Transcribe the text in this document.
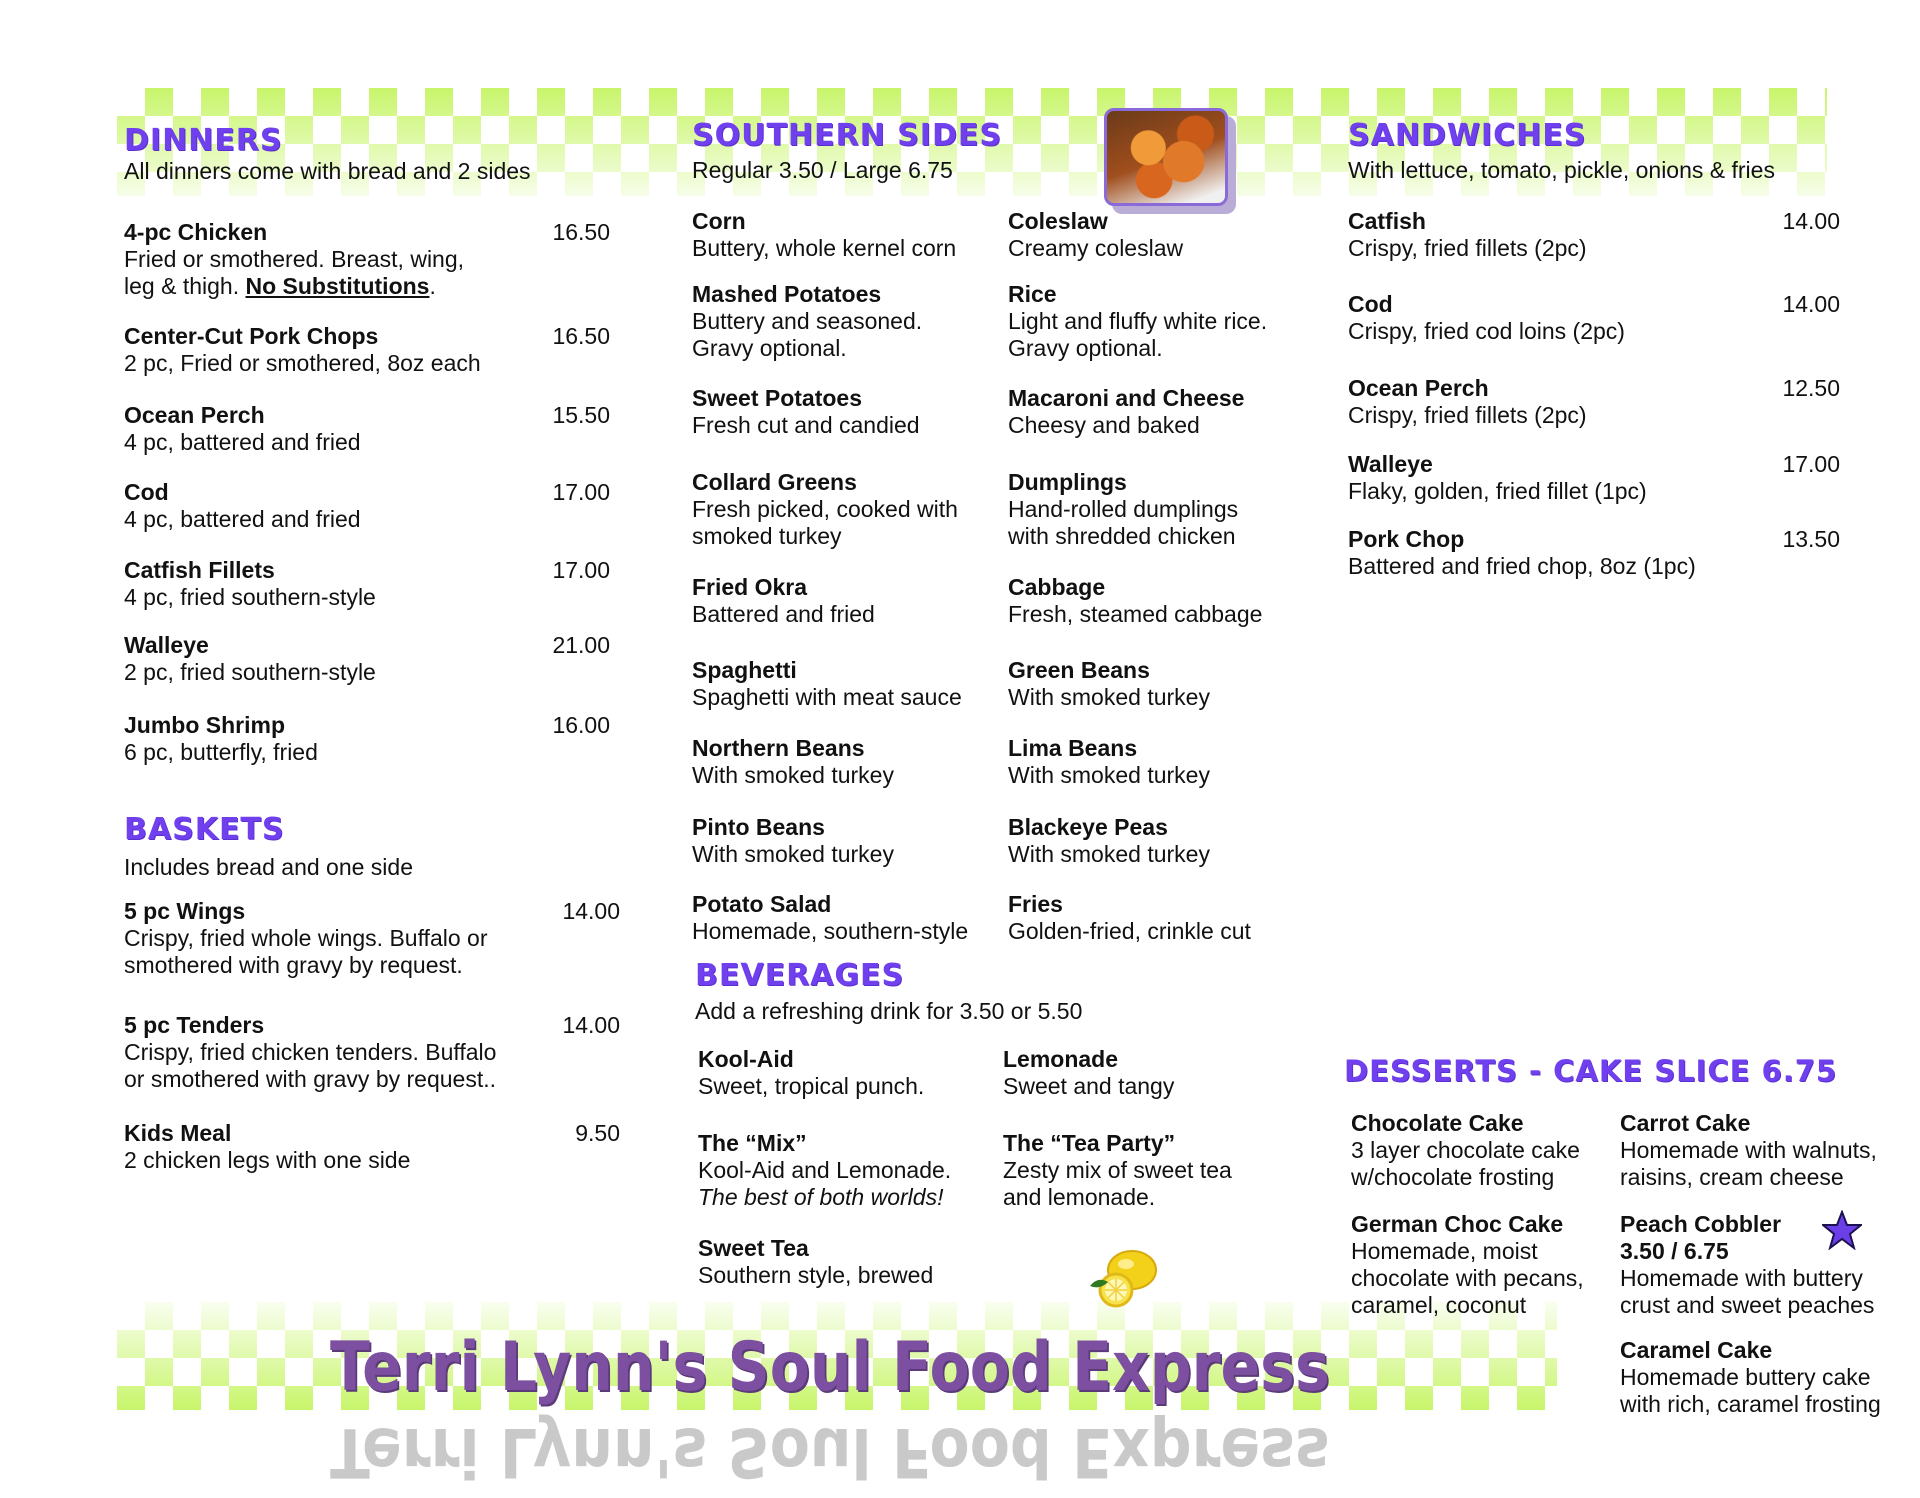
DINNERS
All dinners come with bread and 2 sides
4-pc Chicken
Fried or smothered. Breast, wing,
leg & thigh. No Substitutions.
16.50
Center-Cut Pork Chops
2 pc, Fried or smothered, 8oz each
16.50
Ocean Perch
4 pc, battered and fried
15.50
Cod
4 pc, battered and fried
17.00
Catfish Fillets
4 pc, fried southern-style
17.00
Walleye
2 pc, fried southern-style
21.00
Jumbo Shrimp
6 pc, butterfly, fried
16.00
BASKETS
Includes bread and one side
5 pc Wings
Crispy, fried whole wings. Buffalo or
smothered with gravy by request.
14.00
5 pc Tenders
Crispy, fried chicken tenders. Buffalo
or smothered with gravy by request..
14.00
Kids Meal
2 chicken legs with one side
9.50
SOUTHERN SIDES
Regular 3.50 / Large 6.75
Corn
Buttery, whole kernel corn
Mashed Potatoes
Buttery and seasoned.
Gravy optional.
Sweet Potatoes
Fresh cut and candied
Collard Greens
Fresh picked, cooked with
smoked turkey
Fried Okra
Battered and fried
Spaghetti
Spaghetti with meat sauce
Northern Beans
With smoked turkey
Pinto Beans
With smoked turkey
Potato Salad
Homemade, southern-style
Coleslaw
Creamy coleslaw
Rice
Light and fluffy white rice.
Gravy optional.
Macaroni and Cheese
Cheesy and baked
Dumplings
Hand-rolled dumplings
with shredded chicken
Cabbage
Fresh, steamed cabbage
Green Beans
With smoked turkey
Lima Beans
With smoked turkey
Blackeye Peas
With smoked turkey
Fries
Golden-fried, crinkle cut
BEVERAGES
Add a refreshing drink for 3.50 or 5.50
Kool-Aid
Sweet, tropical punch.
Lemonade
Sweet and tangy
The “Mix”
Kool-Aid and Lemonade.
The best of both worlds!
The “Tea Party”
Zesty mix of sweet tea
and lemonade.
Sweet Tea
Southern style, brewed
SANDWICHES
With lettuce, tomato, pickle, onions & fries
Catfish
Crispy, fried fillets (2pc)
14.00
Cod
Crispy, fried cod loins (2pc)
14.00
Ocean Perch
Crispy, fried fillets (2pc)
12.50
Walleye
Flaky, golden, fried fillet (1pc)
17.00
Pork Chop
Battered and fried chop, 8oz (1pc)
13.50
DESSERTS - CAKE SLICE 6.75
Chocolate Cake
3 layer chocolate cake
w/chocolate frosting
Carrot Cake
Homemade with walnuts,
raisins, cream cheese
German Choc Cake
Homemade, moist
chocolate with pecans,
caramel, coconut
Peach Cobbler
3.50 / 6.75
Homemade with buttery
crust and sweet peaches
Caramel Cake
Homemade buttery cake
with rich, caramel frosting
Terri Lynn's Soul Food Express
Terri Lynn's Soul Food Express
